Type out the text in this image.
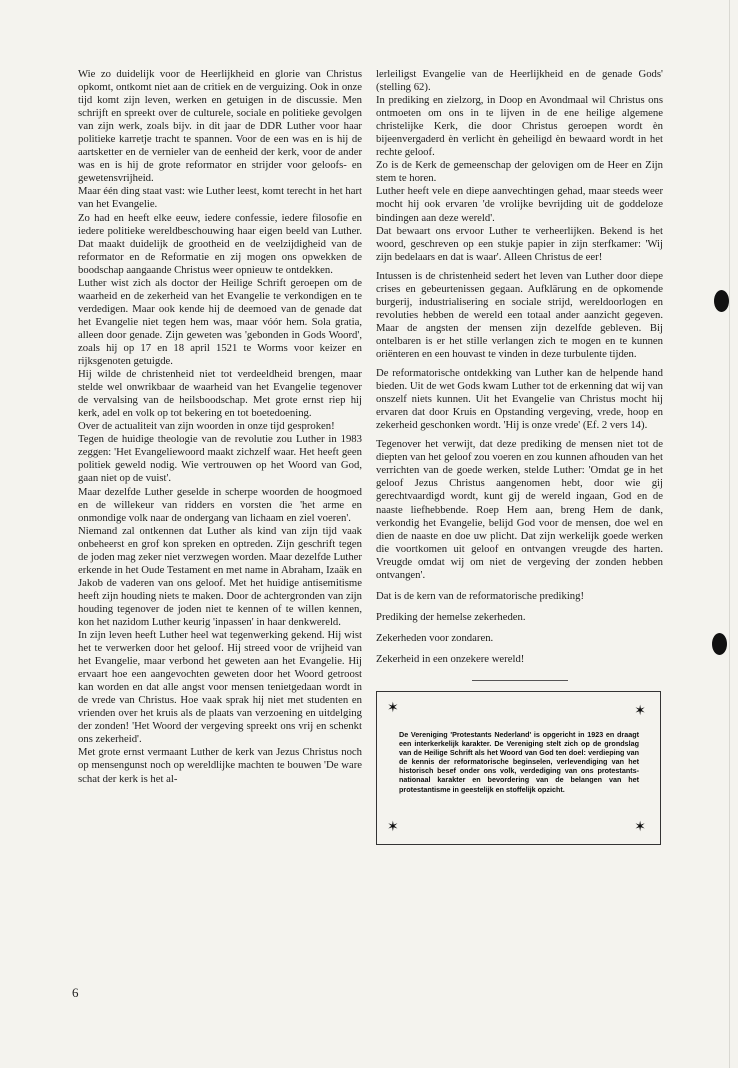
Wie zo duidelijk voor de Heerlijkheid en glorie van Christus opkomt, ontkomt niet aan de critiek en de verguizing. Ook in onze tijd komt zijn leven, werken en getuigen in de discussie. Men schrijft en spreekt over de culturele, sociale en politieke gevolgen van zijn werk, zoals bijv. in dit jaar de DDR Luther voor haar politieke karretje tracht te spannen. Voor de een was en is hij de aartsketter en de vernieler van de eenheid der kerk, voor de ander was en is hij de grote reformator en strijder voor geloofs- en gewetensvrijheid.

Maar één ding staat vast: wie Luther leest, komt terecht in het hart van het Evangelie.

Zo had en heeft elke eeuw, iedere confessie, iedere filosofie en iedere politieke wereldbeschouwing haar eigen beeld van Luther. Dat maakt duidelijk de grootheid en de veelzijdigheid van de reformator en de Reformatie en zij mogen ons opwekken de boodschap aangaande Christus weer opnieuw te ontdekken.

Luther wist zich als doctor der Heilige Schrift geroepen om de waarheid en de zekerheid van het Evangelie te verkondigen en te verdedigen. Maar ook kende hij de deemoed van de genade dat het Evangelie niet tegen hem was, maar vóór hem. Sola gratia, alleen door genade. Zijn geweten was 'gebonden in Gods Woord', zoals hij op 17 en 18 april 1521 te Worms voor keizer en rijksgenoten getuigde.

Hij wilde de christenheid niet tot verdeeldheid brengen, maar stelde wel onwrikbaar de waarheid van het Evangelie tegenover de vervalsing van de heilsboodschap. Met grote ernst riep hij kerk, adel en volk op tot bekering en tot boetedoening.

Over de actualiteit van zijn woorden in onze tijd gesproken!

Tegen de huidige theologie van de revolutie zou Luther in 1983 zeggen: 'Het Evangeliewoord maakt zichzelf waar. Het heeft geen politiek geweld nodig. Wie vertrouwen op het Woord van God, gaan niet op de vuist'.

Maar dezelfde Luther geselde in scherpe woorden de hoogmoed en de willekeur van ridders en vorsten die 'het arme en onmondige volk naar de ondergang van lichaam en ziel voeren'.

Niemand zal ontkennen dat Luther als kind van zijn tijd vaak onbeheerst en grof kon spreken en optreden. Zijn geschrift tegen de joden mag zeker niet verzwegen worden. Maar dezelfde Luther erkende in het Oude Testament en met name in Abraham, Izaäk en Jakob de vaderen van ons geloof. Met het huidige antisemitisme heeft zijn houding niets te maken. Door de achtergronden van zijn houding tegenover de joden niet te kennen of te willen kennen, kon het nazidom Luther keurig 'inpassen' in haar denkwereld.

In zijn leven heeft Luther heel wat tegenwerking gekend. Hij wist het te verwerken door het geloof. Hij streed voor de vrijheid van het Evangelie, maar verbond het geweten aan het Evangelie. Hij ervaart hoe een aangevochten geweten door het Woord getroost kan worden en dat alle angst voor mensen tenietgedaan wordt in de vrede van Christus. Hoe vaak sprak hij niet met studenten en vrienden over het kruis als de plaats van verzoening en uitdelging der zonden! 'Het Woord der vergeving spreekt ons vrij en schenkt ons zekerheid'.

Met grote ernst vermaant Luther de kerk van Jezus Christus noch op mensengunst noch op wereldlijke machten te bouwen 'De ware schat der kerk is het al-

lerleiligst Evangelie van de Heerlijkheid en de genade Gods' (stelling 62).

In prediking en zielzorg, in Doop en Avondmaal wil Christus ons ontmoeten om ons in te lijven in de ene heilige algemene christelijke Kerk, die door Christus geroepen wordt èn bijeenvergaderd èn verlicht èn geheiligd èn bewaard wordt in het rechte geloof.

Zo is de Kerk de gemeenschap der gelovigen om de Heer en Zijn stem te horen.

Luther heeft vele en diepe aanvechtingen gehad, maar steeds weer mocht hij ook ervaren 'de vrolijke bevrijding uit de goddeloze bindingen aan deze wereld'.

Dat bewaart ons ervoor Luther te verheerlijken. Bekend is het woord, geschreven op een stukje papier in zijn sterfkamer: 'Wij zijn bedelaars en dat is waar'. Alleen Christus de eer!

Intussen is de christenheid sedert het leven van Luther door diepe crises en gebeurtenissen gegaan. Aufklärung en de opkomende burgerij, industrialisering en sociale strijd, wereldoorlogen en revoluties hebben de wereld een totaal ander aanzicht gegeven. Maar de angsten der mensen zijn dezelfde gebleven. Bij ontelbaren is er het stille verlangen zich te mogen en te kunnen oriënteren en een houvast te vinden in deze turbulente tijden.

De reformatorische ontdekking van Luther kan de helpende hand bieden. Uit de wet Gods kwam Luther tot de erkenning dat wij van onszelf niets kunnen. Uit het Evangelie van Christus mocht hij ervaren dat door Kruis en Opstanding vergeving, vrede, hoop en zekerheid geschonken wordt. 'Hij is onze vrede' (Ef. 2 vers 14).

Tegenover het verwijt, dat deze prediking de mensen niet tot de diepten van het geloof zou voeren en zou kunnen afhouden van het verrichten van de goede werken, stelde Luther: 'Omdat ge in het geloof Jezus Christus aangenomen hebt, door wie gij gerechtvaardigd wordt, kunt gij de wereld ingaan, God en de naaste liefhebbende. Roep Hem aan, breng Hem de dank, verkondig het Evangelie, belijd God voor de mensen, doe wel en dien de naaste en doe uw plicht. Dat zijn werkelijk goede werken die voortkomen uit geloof en ontvangen vreugde des harten. Vreugde omdat wij om niet de vergeving der zonden hebben ontvangen'.

Dat is de kern van de reformatorische prediking!

Prediking der hemelse zekerheden.

Zekerheden voor zondaren.

Zekerheid in een onzekere wereld!

✶	✶
De Vereniging 'Protestants Nederland' is opgericht in 1923 en draagt een interkerkelijk karakter. De Vereniging stelt zich op de grondslag van de Heilige Schrift als het Woord van God ten doel: verdieping van de kennis der reformatorische beginselen, verlevendiging van het historisch besef onder ons volk, verdediging van ons protestants-nationaal karakter en bevordering van de belangen van het protestantisme in geestelijk en stoffelijk opzicht.
✶	✶
6
